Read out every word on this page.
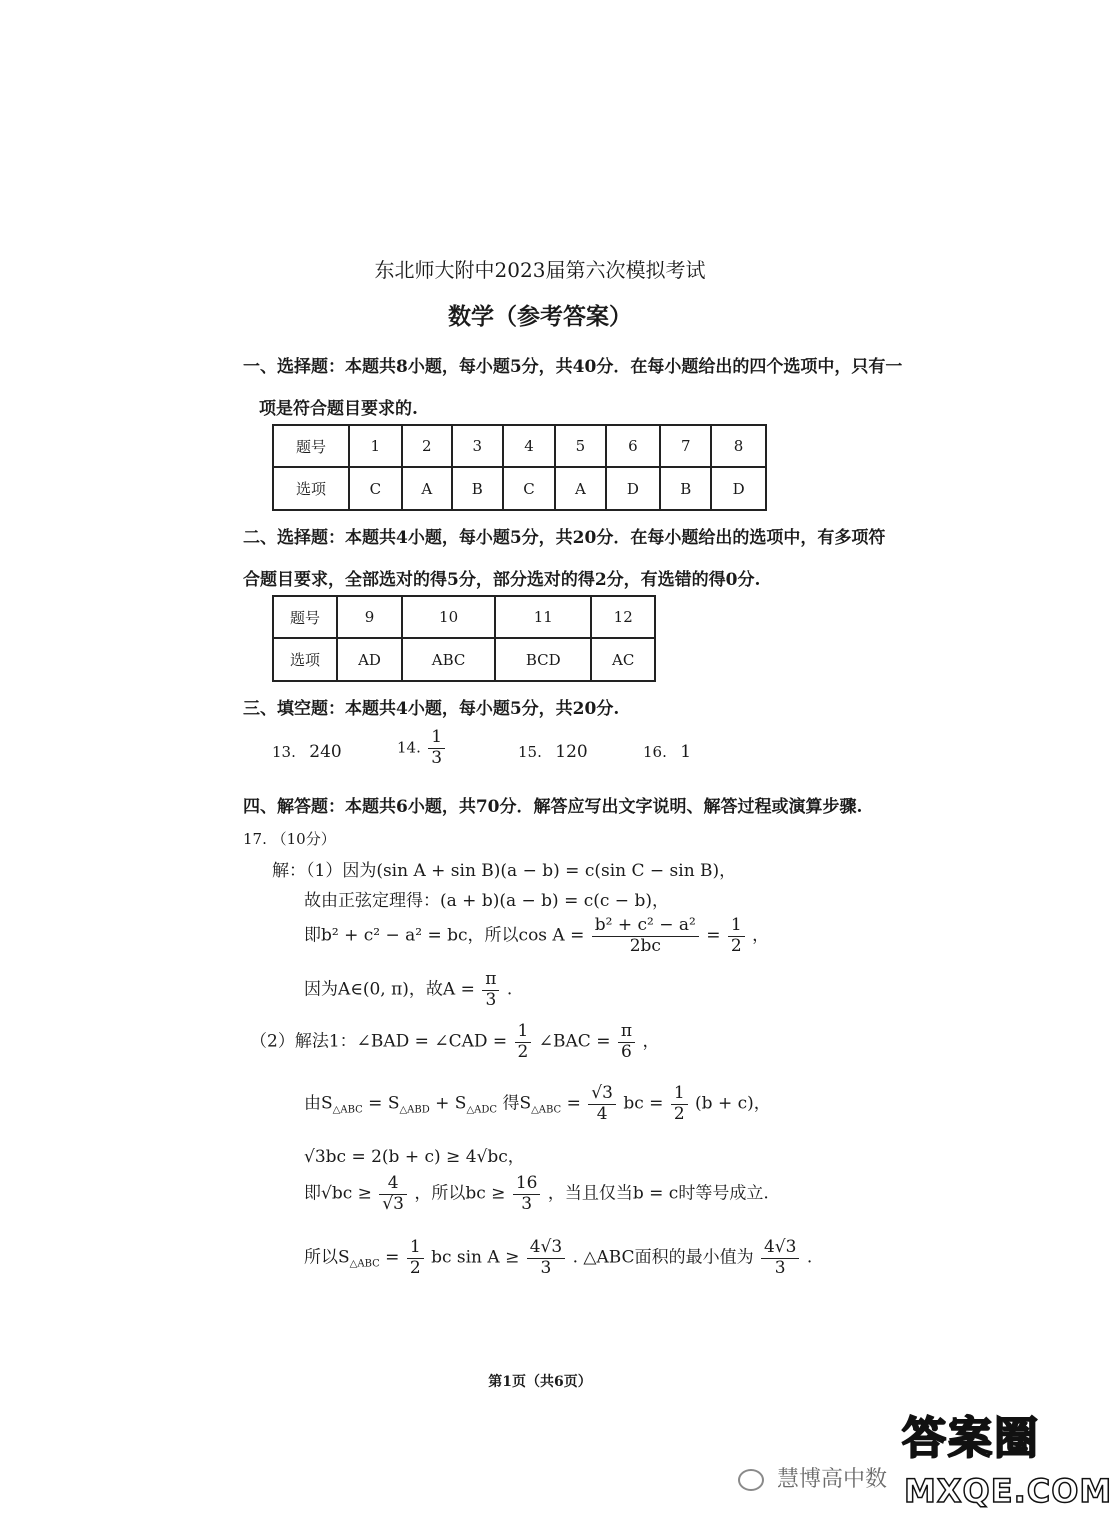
东北师大附中2023届第六次模拟考试
数学（参考答案）
一、选择题：本题共8小题，每小题5分，共40分．在每小题给出的四个选项中，只有一
项是符合题目要求的.
题号	1	2	3	4	5	6	7	8
选项	C	A	B	C	A	D	B	D
二、选择题：本题共4小题，每小题5分，共20分．在每小题给出的选项中，有多项符
合题目要求，全部选对的得5分，部分选对的得2分，有选错的得0分.
题号	9	10	11	12
选项	AD	ABC	BCD	AC
三、填空题：本题共4小题，每小题5分，共20分.
13. 240	14. $\frac{1}{3}$	15. 120	16. 1
四、解答题：本题共6小题，共70分．解答应写出文字说明、解答过程或演算步骤.
17. （10分）
解：（1）因为(sin A + sin B)(a − b) = c(sin C − sin B)，
故由正弦定理得：(a + b)(a − b) = c(c − b)，
即b² + c² − a² = bc，所以$\cos A = \frac{\text{b² + c² − a²}}{2bc} = \frac{1}{2}$ ，
因为A∈(0, π)，故$A = \frac{\pi}{3}$ .
（2）解法1：∠BAD = ∠CAD = $\frac{1}{2}$ ∠BAC = $\frac{\pi}{6}$ ，
由$S_{\triangle ABC} = S_{\triangle ABD} + S_{\triangle ADC}$ 得$S_{\triangle ABC} = \frac{√3}{4}$ bc = $\frac{1}{2} (b + c)$，
√3bc = 2(b + c) ≥ 4√bc，
即$√bc \ge \frac{4}{√3}$ ，所以bc ≥ $\frac{16}{3}$ ，当且仅当b = c时等号成立.
所以$S_{\triangle ABC} = \frac{1}{2}$ bc $\sin A \ge \frac{4√3}{3}$ . △ABC面积的最小值为 $\frac{4√3}{3}$ .
第1页（共6页）
慧博高中数
答案圈
MXQE.COM
